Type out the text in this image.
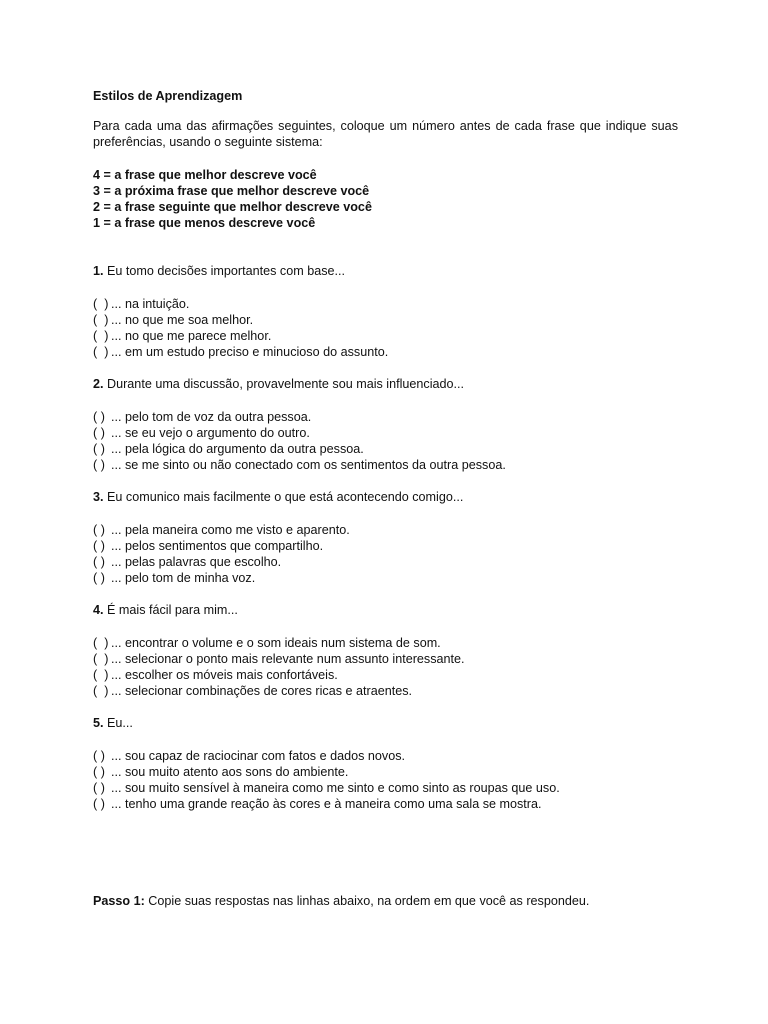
Estilos de Aprendizagem

Para cada uma das afirmações seguintes, coloque um número antes de cada frase que indique suas preferências, usando o seguinte sistema:

4 = a frase que melhor descreve você
3 = a próxima frase que melhor descreve você
2 = a frase seguinte que melhor descreve você
1 = a frase que menos descreve você

1. Eu tomo decisões importantes com base...

(  ) ... na intuição.
(  ) ... no que me soa melhor.
(  ) ... no que me parece melhor.
(  ) ... em um estudo preciso e minucioso do assunto.

2. Durante uma discussão, provavelmente sou mais influenciado...

( ) ... pelo tom de voz da outra pessoa.
( ) ... se eu vejo o argumento do outro.
( ) ... pela lógica do argumento da outra pessoa.
( ) ... se me sinto ou não conectado com os sentimentos da outra pessoa.

3. Eu comunico mais facilmente o que está acontecendo comigo...

( ) ... pela maneira como me visto e aparento.
( ) ... pelos sentimentos que compartilho.
( ) ... pelas palavras que escolho.
( ) ... pelo tom de minha voz.

4. É mais fácil para mim...

(  ) ... encontrar o volume e o som ideais num sistema de som.
(  ) ... selecionar o ponto mais relevante num assunto interessante.
(  ) ... escolher os móveis mais confortáveis.
(  ) ... selecionar combinações de cores ricas e atraentes.

5. Eu...

( ) ... sou capaz de raciocinar com fatos e dados novos.
( ) ... sou muito atento aos sons do ambiente.
( ) ... sou muito sensível à maneira como me sinto e como sinto as roupas que uso.
( ) ... tenho uma grande reação às cores e à maneira como uma sala se mostra.

Passo 1: Copie suas respostas nas linhas abaixo, na ordem em que você as respondeu.
